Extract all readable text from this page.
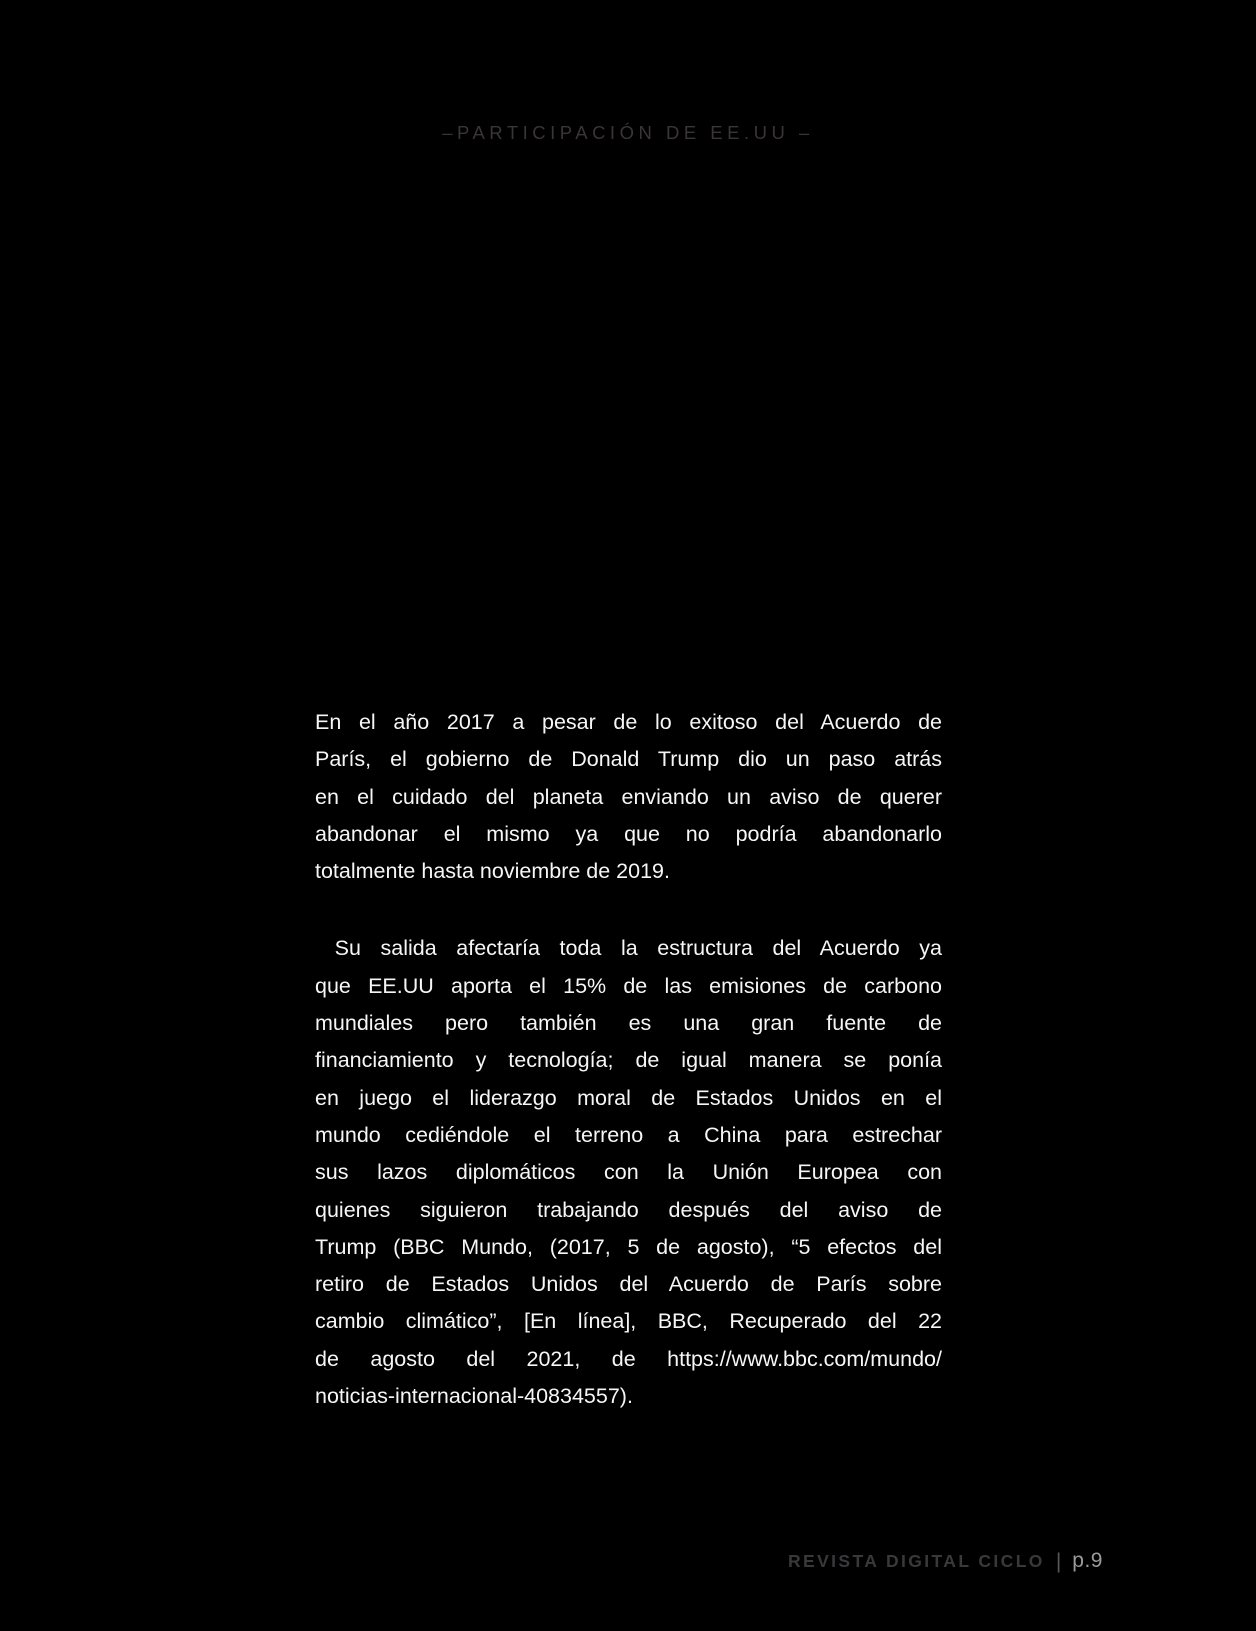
–PARTICIPACIÓN DE EE.UU –
En el año 2017 a pesar de lo exitoso del Acuerdo de
París, el gobierno de Donald Trump dio un paso atrás
en el cuidado del planeta enviando un aviso de querer
abandonar el mismo ya que no podría abandonarlo
totalmente hasta noviembre de 2019.
Su salida afectaría toda la estructura del Acuerdo ya
que EE.UU aporta el 15% de las emisiones de carbono
mundiales pero también es una gran fuente de
financiamiento y tecnología; de igual manera se ponía
en juego el liderazgo moral de Estados Unidos en el
mundo cediéndole el terreno a China para estrechar
sus lazos diplomáticos con la Unión Europea con
quienes siguieron trabajando después del aviso de
Trump (BBC Mundo, (2017, 5 de agosto), “5 efectos del
retiro de Estados Unidos del Acuerdo de París sobre
cambio climático”, [En línea], BBC, Recuperado del 22
de agosto del 2021, de https://www.bbc.com/mundo/
noticias-internacional-40834557).
REVISTA DIGITAL CICLO | p.9
